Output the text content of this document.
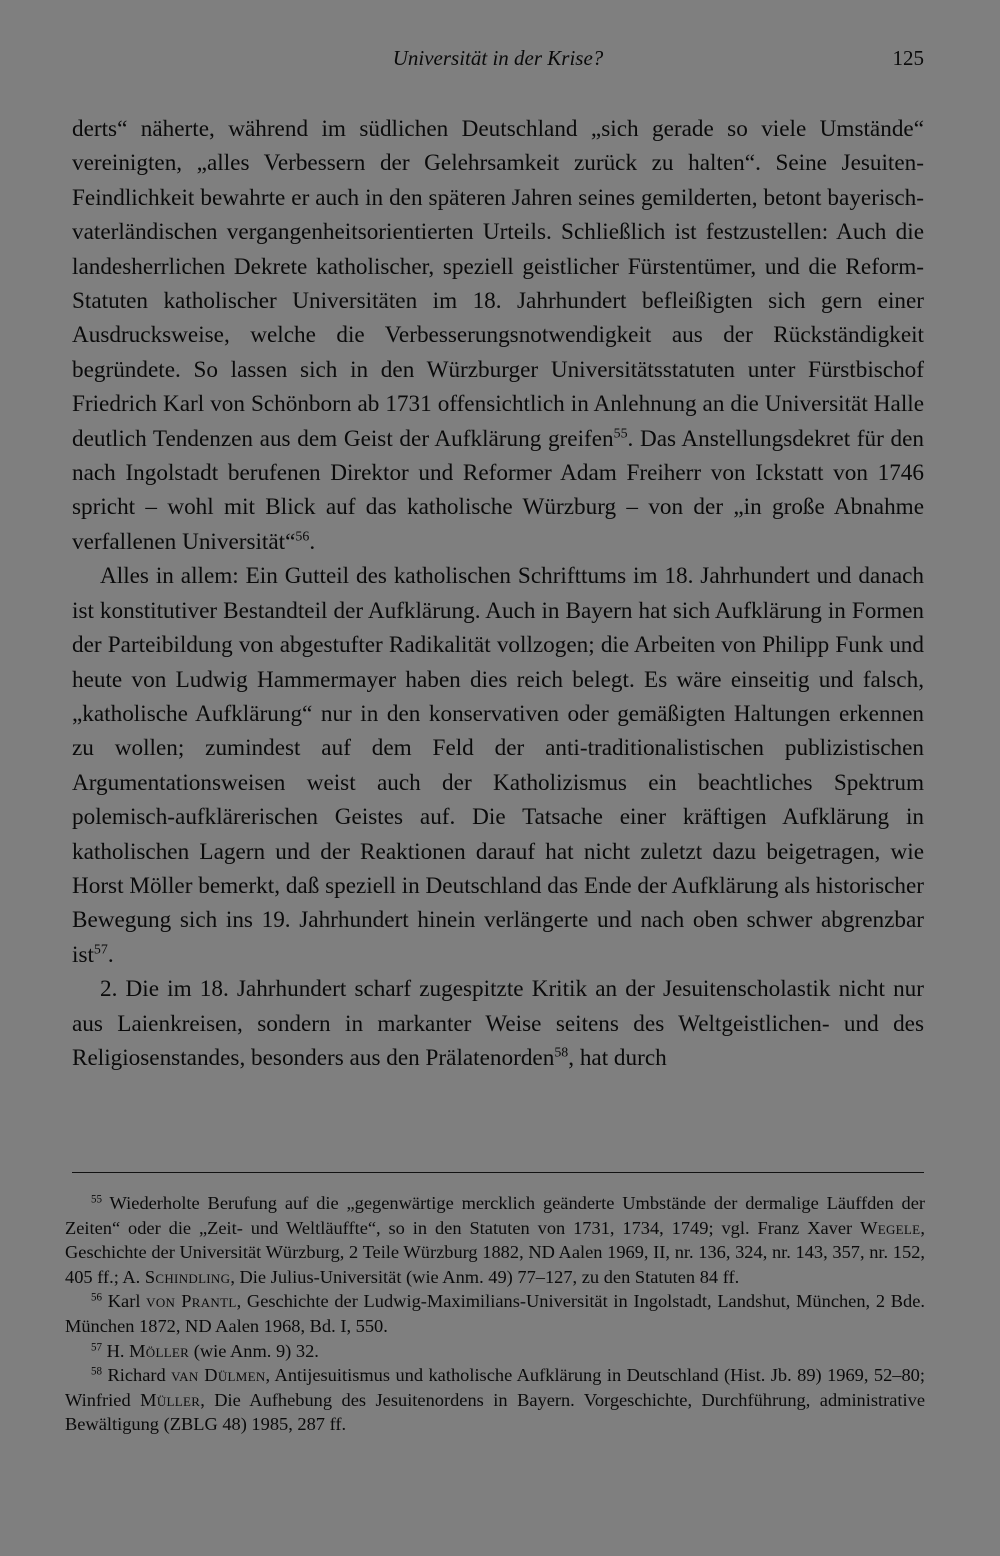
Universität in der Krise?	125

derts“ näherte, während im südlichen Deutschland „sich gerade so viele Umstände“ vereinigten, „alles Verbessern der Gelehrsamkeit zurück zu halten“. Seine Jesuiten-Feindlichkeit bewahrte er auch in den späteren Jahren seines gemilderten, betont bayerisch-vaterländischen vergangenheitsorientierten Urteils. Schließlich ist festzustellen: Auch die landesherrlichen Dekrete katholischer, speziell geistlicher Fürstentümer, und die Reform-Statuten katholischer Universitäten im 18. Jahrhundert befleißigten sich gern einer Ausdrucksweise, welche die Verbesserungsnotwendigkeit aus der Rückständigkeit begründete. So lassen sich in den Würzburger Universitätsstatuten unter Fürstbischof Friedrich Karl von Schönborn ab 1731 offensichtlich in Anlehnung an die Universität Halle deutlich Tendenzen aus dem Geist der Aufklärung greifen$^{55}$. Das Anstellungsdekret für den nach Ingolstadt berufenen Direktor und Reformer Adam Freiherr von Ickstatt von 1746 spricht – wohl mit Blick auf das katholische Würzburg – von der „in große Abnahme verfallenen Universität“$^{56}$.

Alles in allem: Ein Gutteil des katholischen Schrifttums im 18. Jahrhundert und danach ist konstitutiver Bestandteil der Aufklärung. Auch in Bayern hat sich Aufklärung in Formen der Parteibildung von abgestufter Radikalität vollzogen; die Arbeiten von Philipp Funk und heute von Ludwig Hammermayer haben dies reich belegt. Es wäre einseitig und falsch, „katholische Aufklärung“ nur in den konservativen oder gemäßigten Haltungen erkennen zu wollen; zumindest auf dem Feld der anti-traditionalistischen publizistischen Argumentationsweisen weist auch der Katholizismus ein beachtliches Spektrum polemisch-aufklärerischen Geistes auf. Die Tatsache einer kräftigen Aufklärung in katholischen Lagern und der Reaktionen darauf hat nicht zuletzt dazu beigetragen, wie Horst Möller bemerkt, daß speziell in Deutschland das Ende der Aufklärung als historischer Bewegung sich ins 19. Jahrhundert hinein verlängerte und nach oben schwer abgrenzbar ist$^{57}$.

2. Die im 18. Jahrhundert scharf zugespitzte Kritik an der Jesuitenscholastik nicht nur aus Laienkreisen, sondern in markanter Weise seitens des Weltgeistlichen- und des Religiosenstandes, besonders aus den Prälatenorden$^{58}$, hat durch

$^{55}$ Wiederholte Berufung auf die „gegenwärtige mercklich geänderte Umbstände der dermalige Läuffden der Zeiten“ oder die „Zeit- und Weltläuffte“, so in den Statuten von 1731, 1734, 1749; vgl. Franz Xaver Wegele, Geschichte der Universität Würzburg, 2 Teile Würzburg 1882, ND Aalen 1969, II, nr. 136, 324, nr. 143, 357, nr. 152, 405 ff.; A. Schindling, Die Julius-Universität (wie Anm. 49) 77–127, zu den Statuten 84 ff.

$^{56}$ Karl von Prantl, Geschichte der Ludwig-Maximilians-Universität in Ingolstadt, Landshut, München, 2 Bde. München 1872, ND Aalen 1968, Bd. I, 550.

$^{57}$ H. Möller (wie Anm. 9) 32.

$^{58}$ Richard van Dülmen, Antijesuitismus und katholische Aufklärung in Deutschland (Hist. Jb. 89) 1969, 52–80; Winfried Müller, Die Aufhebung des Jesuitenordens in Bayern. Vorgeschichte, Durchführung, administrative Bewältigung (ZBLG 48) 1985, 287 ff.
